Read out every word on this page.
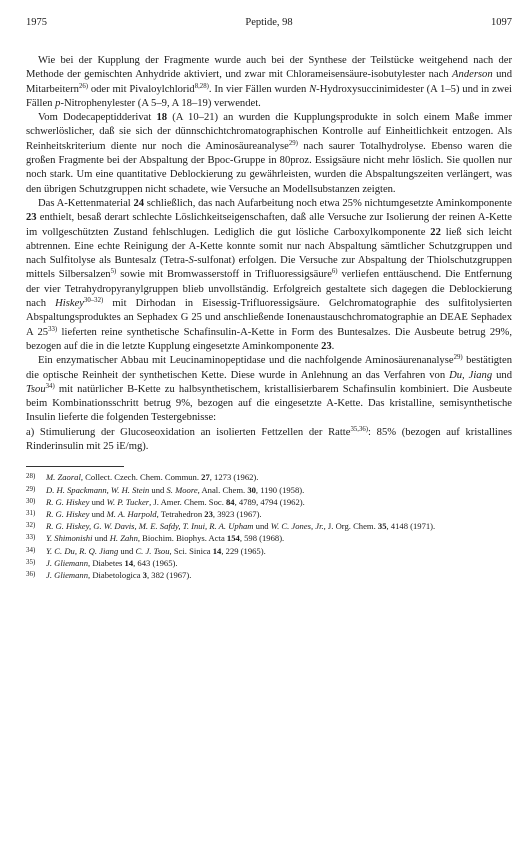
1975	Peptide, 98	1097

Wie bei der Kupplung der Fragmente wurde auch bei der Synthese der Teilstücke weitgehend nach der Methode der gemischten Anhydride aktiviert, und zwar mit Chlorameisensäure-isobutylester nach Anderson und Mitarbeitern$^{26)}$ oder mit Pivaloylchlorid$^{8,28)}$. In vier Fällen wurden N-Hydroxysuccinimidester (A 1–5) und in zwei Fällen p-Nitrophenylester (A 5–9, A 18–19) verwendet.

Vom Dodecapeptidderivat 18 (A 10–21) an wurden die Kupplungsprodukte in solch einem Maße immer schwerlöslicher, daß sie sich der dünnschichtchromatographischen Kontrolle auf Einheitlichkeit entzogen. Als Reinheitskriterium diente nur noch die Aminosäureanalyse$^{29)}$ nach saurer Totalhydrolyse. Ebenso waren die großen Fragmente bei der Abspaltung der Bpoc-Gruppe in 80proz. Essigsäure nicht mehr löslich. Sie quollen nur noch stark. Um eine quantitative Deblockierung zu gewährleisten, wurden die Abspaltungszeiten verlängert, was den übrigen Schutzgruppen nicht schadete, wie Versuche an Modellsubstanzen zeigten.

Das A-Kettenmaterial 24 schließlich, das nach Aufarbeitung noch etwa 25% nichtumgesetzte Aminkomponente 23 enthielt, besaß derart schlechte Löslichkeitseigenschaften, daß alle Versuche zur Isolierung der reinen A-Kette im vollgeschützten Zustand fehlschlugen. Lediglich die gut lösliche Carboxylkomponente 22 ließ sich leicht abtrennen. Eine echte Reinigung der A-Kette konnte somit nur nach Abspaltung sämtlicher Schutzgruppen und nach Sulfitolyse als Buntesalz (Tetra-S-sulfonat) erfolgen. Die Versuche zur Abspaltung der Thiolschutzgruppen mittels Silbersalzen$^{5)}$ sowie mit Bromwasserstoff in Trifluoressigsäure$^{6)}$ verliefen enttäuschend. Die Entfernung der vier Tetrahydropyranylgruppen blieb unvollständig. Erfolgreich gestaltete sich dagegen die Deblockierung nach Hiskey$^{30-32)}$ mit Dirhodan in Eisessig-Trifluoressigsäure. Gelchromatographie des sulfitolysierten Abspaltungsproduktes an Sephadex G 25 und anschließende Ionenaustauschchromatographie an DEAE Sephadex A 25$^{33)}$ lieferten reine synthetische Schafinsulin-A-Kette in Form des Buntesalzes. Die Ausbeute betrug 29%, bezogen auf die in die letzte Kupplung eingesetzte Aminkomponente 23.

Ein enzymatischer Abbau mit Leucinaminopeptidase und die nachfolgende Aminosäurenanalyse$^{29)}$ bestätigten die optische Reinheit der synthetischen Kette. Diese wurde in Anlehnung an das Verfahren von Du, Jiang und Tsou$^{34)}$ mit natürlicher B-Kette zu halbsynthetischem, kristallisierbarem Schafinsulin kombiniert. Die Ausbeute beim Kombinationsschritt betrug 9%, bezogen auf die eingesetzte A-Kette. Das kristalline, semisynthetische Insulin lieferte die folgenden Testergebnisse:

a) Stimulierung der Glucoseoxidation an isolierten Fettzellen der Ratte$^{35,36)}$: 85% (bezogen auf kristallines Rinderinsulin mit 25 iE/mg).

28) M. Zaoral, Collect. Czech. Chem. Commun. 27, 1273 (1962).
29) D. H. Spackmann, W. H. Stein und S. Moore, Anal. Chem. 30, 1190 (1958).
30) R. G. Hiskey und W. P. Tucker, J. Amer. Chem. Soc. 84, 4789, 4794 (1962).
31) R. G. Hiskey und M. A. Harpold, Tetrahedron 23, 3923 (1967).
32) R. G. Hiskey, G. W. Davis, M. E. Safdy, T. Inui, R. A. Upham und W. C. Jones, Jr., J. Org. Chem. 35, 4148 (1971).
33) Y. Shimonishi und H. Zahn, Biochim. Biophys. Acta 154, 598 (1968).
34) Y. C. Du, R. Q. Jiang und C. J. Tsou, Sci. Sinica 14, 229 (1965).
35) J. Gliemann, Diabetes 14, 643 (1965).
36) J. Gliemann, Diabetologica 3, 382 (1967).
